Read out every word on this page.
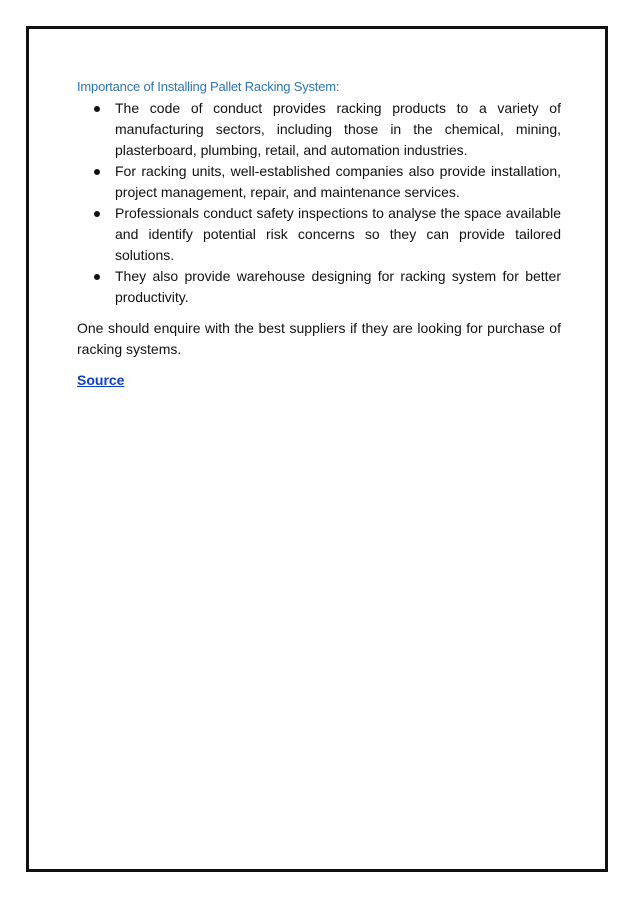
Importance of Installing Pallet Racking System:
The code of conduct provides racking products to a variety of manufacturing sectors, including those in the chemical, mining, plasterboard, plumbing, retail, and automation industries.
For racking units, well-established companies also provide installation, project management, repair, and maintenance services.
Professionals conduct safety inspections to analyse the space available and identify potential risk concerns so they can provide tailored solutions.
They also provide warehouse designing for racking system for better productivity.

One should enquire with the best suppliers if they are looking for purchase of racking systems.

Source
